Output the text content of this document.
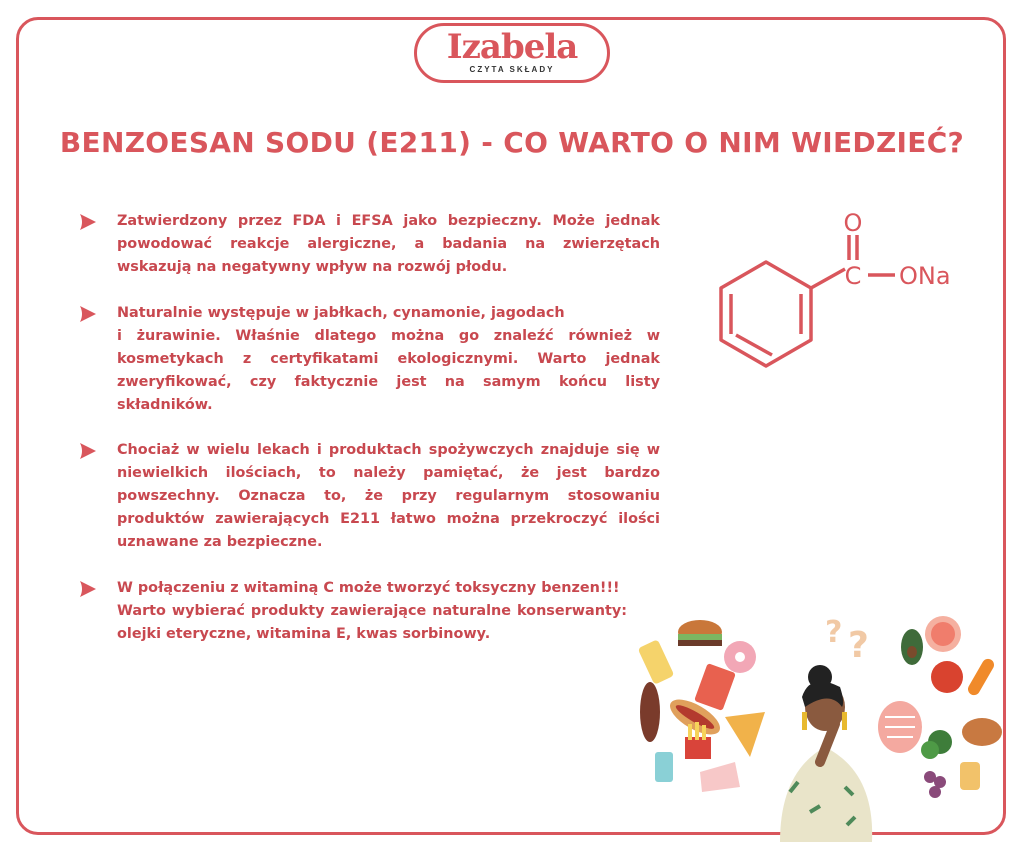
Izabela
CZYTA SKŁADY
BENZOESAN SODU (E211) - CO WARTO O NIM WIEDZIEĆ?
Zatwierdzony przez FDA i EFSA jako bezpieczny. Może jednak powodować reakcje alergiczne, a badania na zwierzętach wskazują na negatywny wpływ na rozwój płodu.
Naturalnie występuje w jabłkach, cynamonie, jagodach
i żurawinie. Właśnie dlatego można go znaleźć również w kosmetykach z certyfikatami ekologicznymi. Warto jednak zweryfikować, czy faktycznie jest na samym końcu listy składników.
Chociaż w wielu lekach i produktach spożywczych znajduje się w niewielkich ilościach, to należy pamiętać, że jest bardzo powszechny. Oznacza to, że przy regularnym stosowaniu produktów zawierających E211 łatwo można przekroczyć ilości uznawane za bezpieczne.
W połączeniu z witaminą C może tworzyć toksyczny benzen!!!
Warto wybierać produkty zawierające naturalne konserwanty: olejki eteryczne, witamina E, kwas sorbinowy.
O
C ONa
?
?
